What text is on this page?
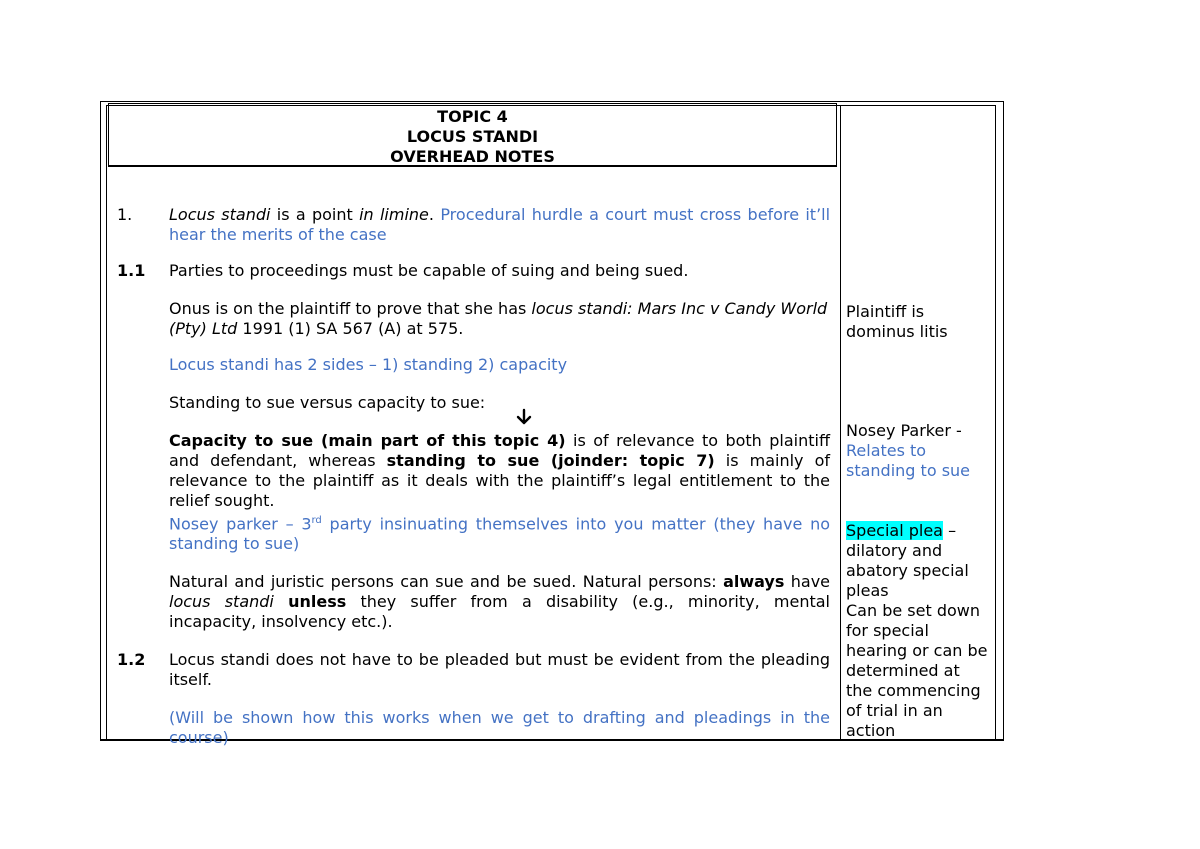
TOPIC 4
LOCUS STANDI
OVERHEAD NOTES
1. Locus standi is a point in limine. Procedural hurdle a court must cross before it’ll hear the merits of the case

1.1 Parties to proceedings must be capable of suing and being sued.

Onus is on the plaintiff to prove that she has locus standi: Mars Inc v Candy World (Pty) Ltd 1991 (1) SA 567 (A) at 575.

Locus standi has 2 sides – 1) standing 2) capacity

Standing to sue versus capacity to sue:

Capacity to sue (main part of this topic 4) is of relevance to both plaintiff and defendant, whereas standing to sue (joinder: topic 7) is mainly of relevance to the plaintiff as it deals with the plaintiff’s legal entitlement to the relief sought.

Nosey parker – 3rd party insinuating themselves into you matter (they have no standing to sue)

Natural and juristic persons can sue and be sued. Natural persons: always have locus standi unless they suffer from a disability (e.g., minority, mental incapacity, insolvency etc.).

1.2 Locus standi does not have to be pleaded but must be evident from the pleading itself.

(Will be shown how this works when we get to drafting and pleadings in the course)

Plaintiff is dominus litis

Nosey Parker -

Relates to standing to sue

Special plea – dilatory and abatory special pleas

Can be set down for special hearing or can be determined at the commencing of trial in an action
